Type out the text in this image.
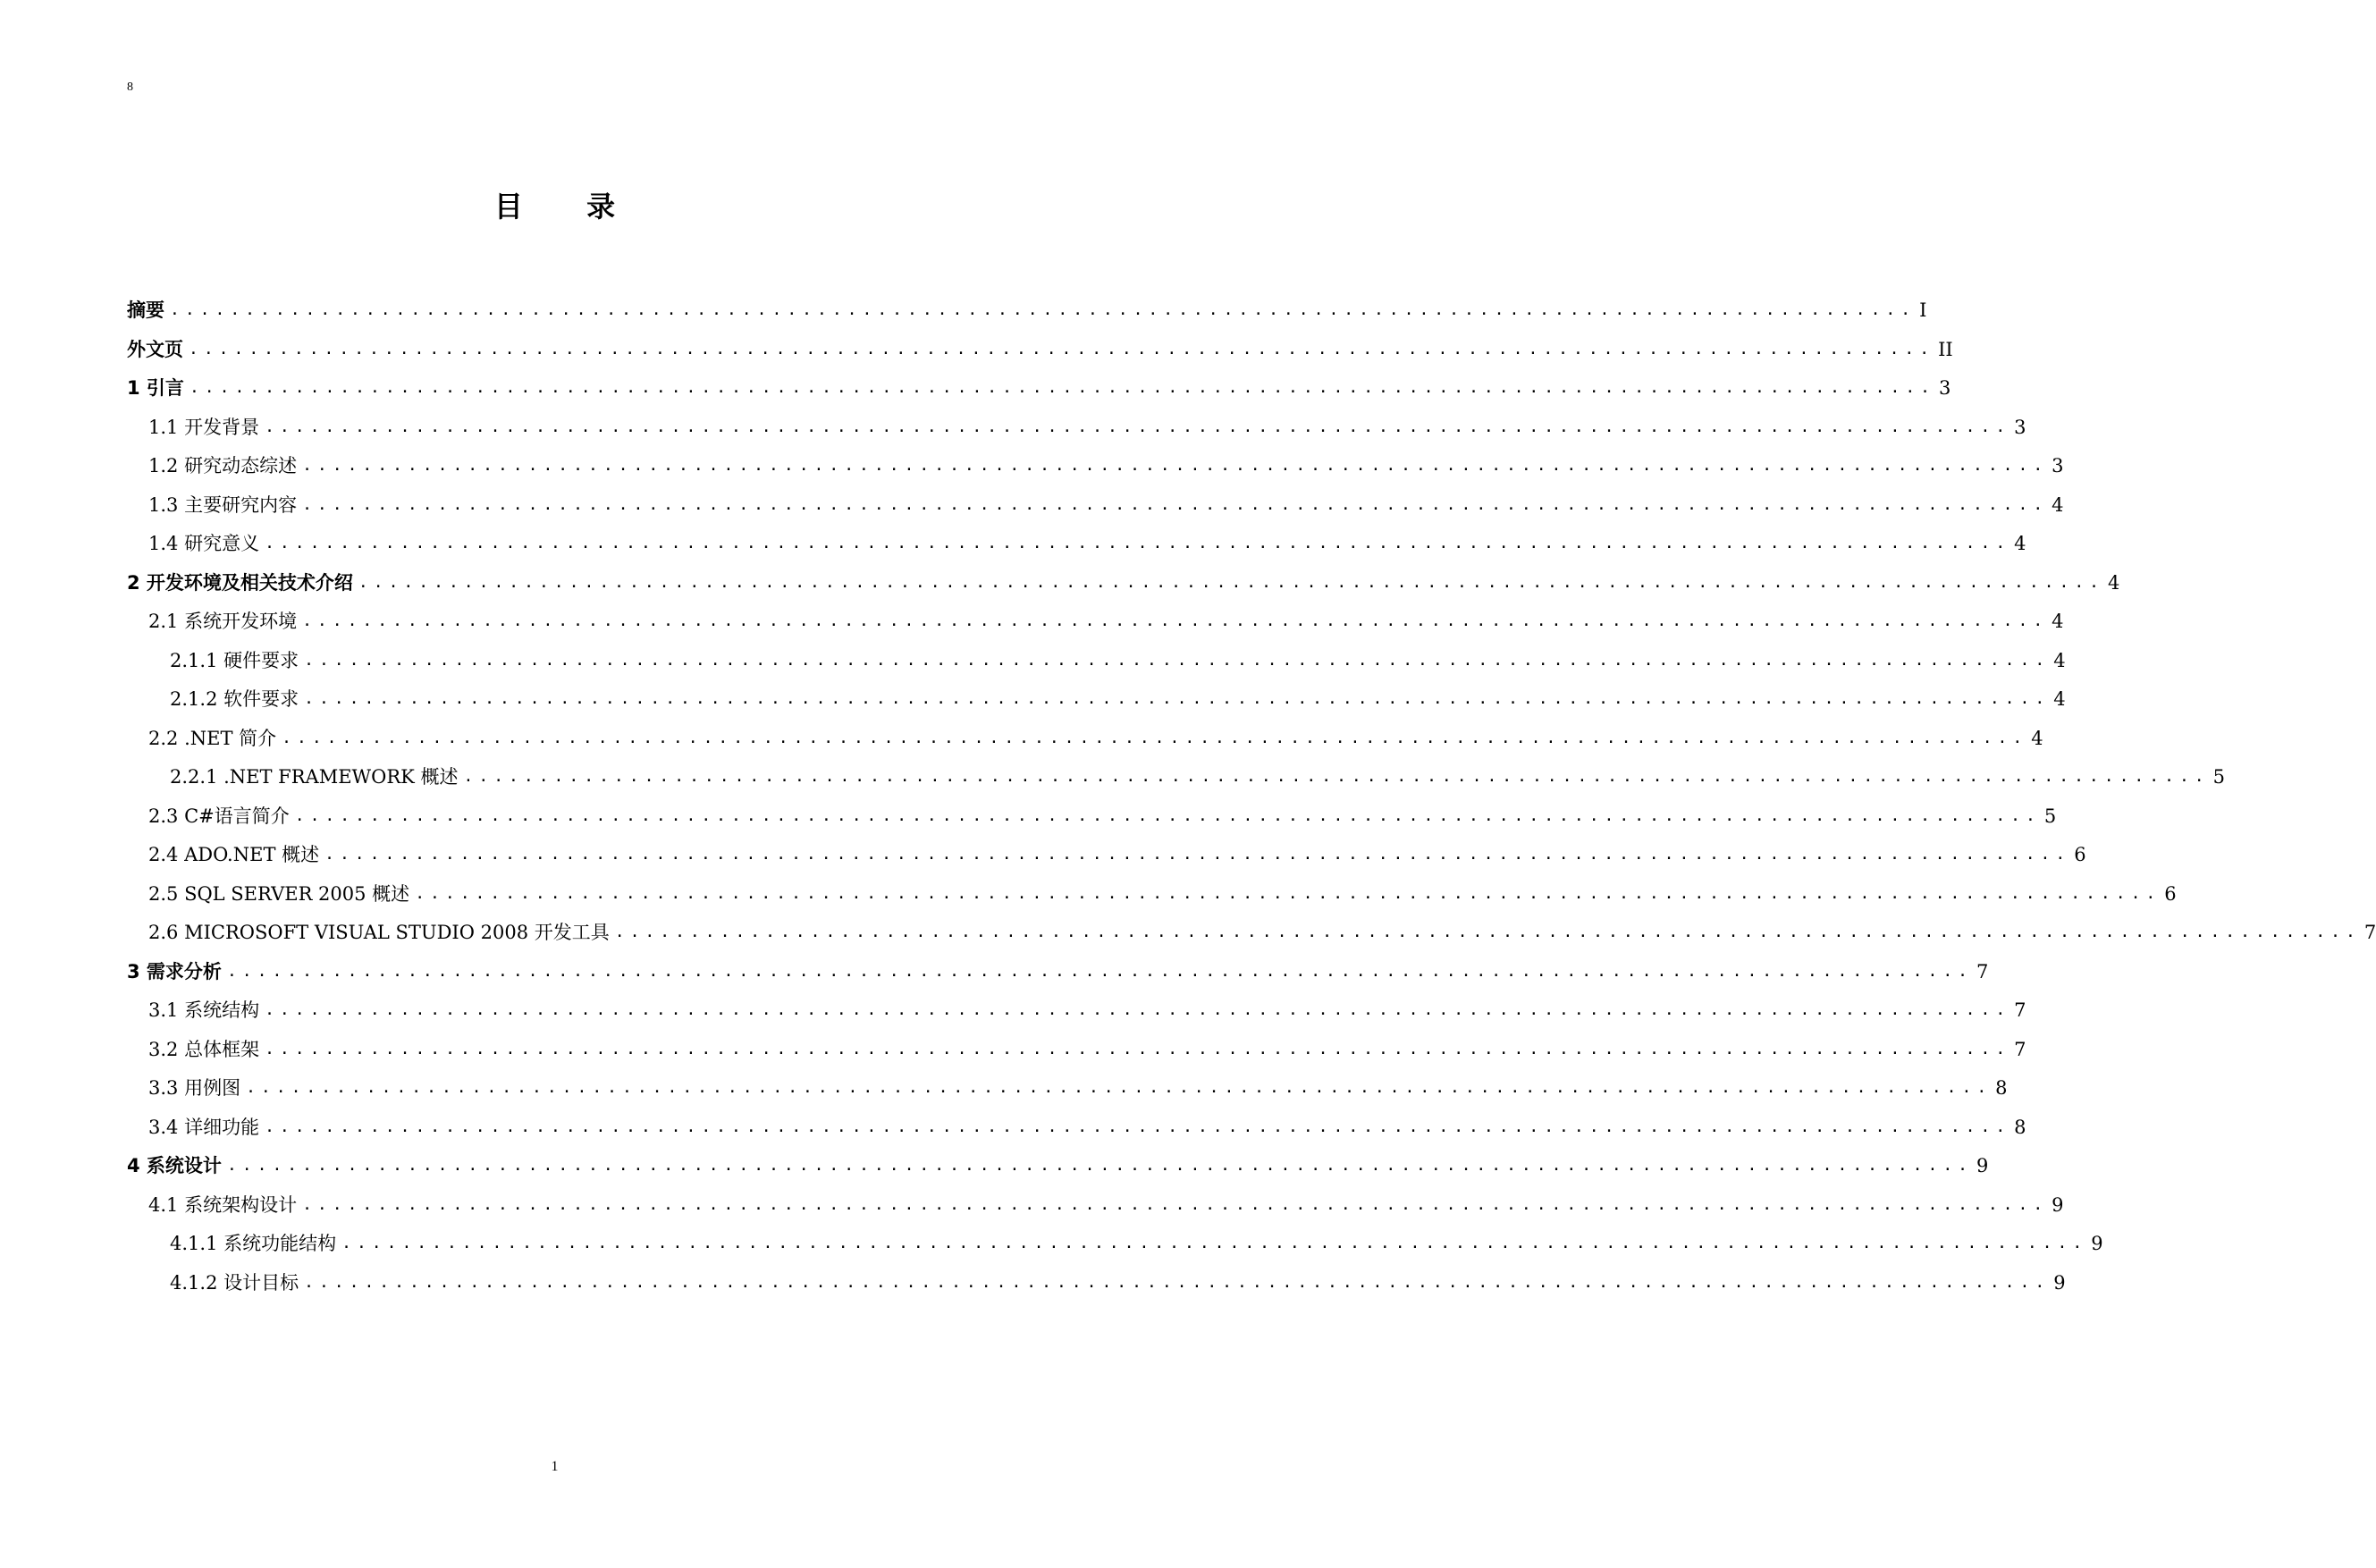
8
目 录
摘要 .................................................................................................................... I
外文页 .................................................................................................................... II
1 引言 .................................................................................................................... 3
1.1 开发背景 .................................................................................................................... 3
1.2 研究动态综述 .................................................................................................................... 3
1.3 主要研究内容 .................................................................................................................... 4
1.4 研究意义 .................................................................................................................... 4
2 开发环境及相关技术介绍 .................................................................................................................... 4
2.1 系统开发环境 .................................................................................................................... 4
2.1.1 硬件要求 .................................................................................................................... 4
2.1.2 软件要求 .................................................................................................................... 4
2.2 .NET 简介 .................................................................................................................... 4
2.2.1 .NET FRAMEWORK 概述 .................................................................................................................... 5
2.3 C#语言简介 .................................................................................................................... 5
2.4 ADO.NET 概述 .................................................................................................................... 6
2.5 SQL SERVER 2005 概述 .................................................................................................................... 6
2.6 MICROSOFT VISUAL STUDIO 2008 开发工具 .................................................................................................................... 7
3 需求分析 .................................................................................................................... 7
3.1 系统结构 .................................................................................................................... 7
3.2 总体框架 .................................................................................................................... 7
3.3 用例图 .................................................................................................................... 8
3.4 详细功能 .................................................................................................................... 8
4 系统设计 .................................................................................................................... 9
4.1 系统架构设计 .................................................................................................................... 9
4.1.1 系统功能结构 .................................................................................................................... 9
4.1.2 设计目标 .................................................................................................................... 9
1
